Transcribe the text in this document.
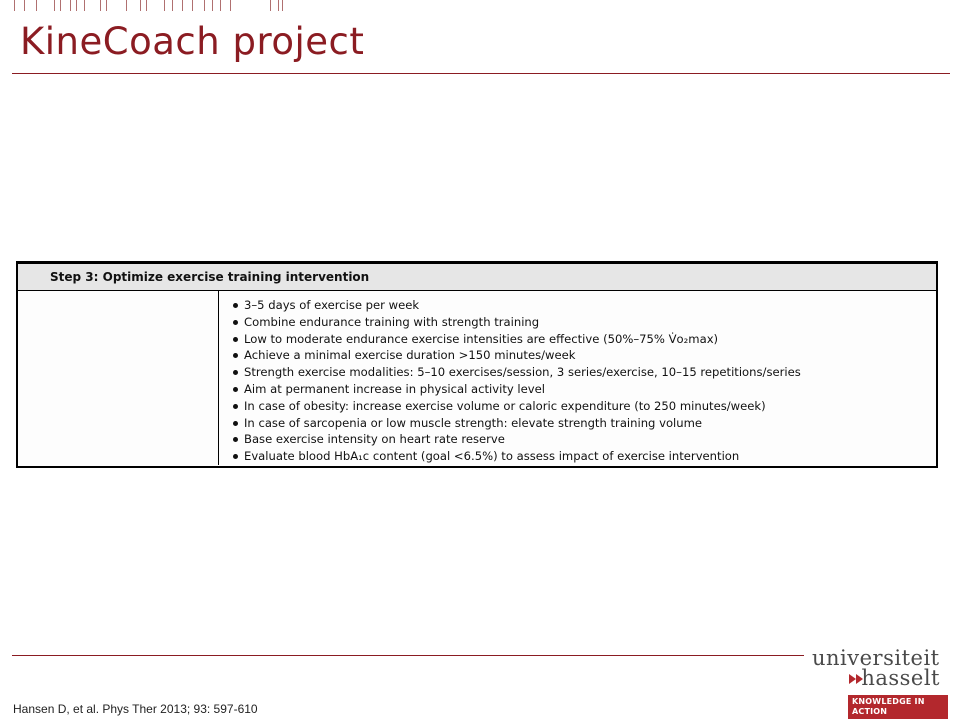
KineCoach project
Step 3: Optimize exercise training intervention
3–5 days of exercise per week
Combine endurance training with strength training
Low to moderate endurance exercise intensities are effective (50%–75% V̇o₂max)
Achieve a minimal exercise duration >150 minutes/week
Strength exercise modalities: 5–10 exercises/session, 3 series/exercise, 10–15 repetitions/series
Aim at permanent increase in physical activity level
In case of obesity: increase exercise volume or caloric expenditure (to 250 minutes/week)
In case of sarcopenia or low muscle strength: elevate strength training volume
Base exercise intensity on heart rate reserve
Evaluate blood HbA₁c content (goal <6.5%) to assess impact of exercise intervention
Hansen D, et al. Phys Ther 2013; 93: 597-610
universiteit
hasselt
KNOWLEDGE IN ACTION
